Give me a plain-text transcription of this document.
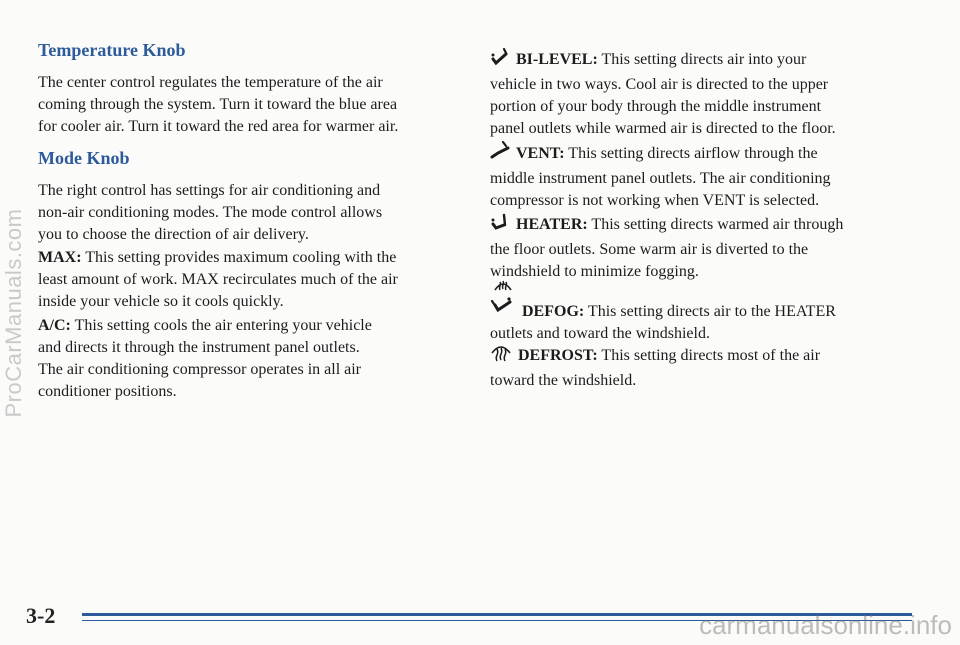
Temperature Knob

The center control regulates the temperature of the air
coming through the system. Turn it toward the blue area
for cooler air. Turn it toward the red area for warmer air.

Mode Knob

The right control has settings for air conditioning and
non-air conditioning modes. The mode control allows
you to choose the direction of air delivery.

MAX: This setting provides maximum cooling with the
least amount of work. MAX recirculates much of the air
inside your vehicle so it cools quickly.

A/C: This setting cools the air entering your vehicle
and directs it through the instrument panel outlets.
The air conditioning compressor operates in all air
conditioner positions.

BI-LEVEL: This setting directs air into your
vehicle in two ways. Cool air is directed to the upper
portion of your body through the middle instrument
panel outlets while warmed air is directed to the floor.

VENT: This setting directs airflow through the
middle instrument panel outlets. The air conditioning
compressor is not working when VENT is selected.

HEATER: This setting directs warmed air through
the floor outlets. Some warm air is diverted to the
windshield to minimize fogging.

DEFOG: This setting directs air to the HEATER
outlets and toward the windshield.

DEFROST: This setting directs most of the air
toward the windshield.

3-2

ProCarManuals.com
carmanualsonline.info
